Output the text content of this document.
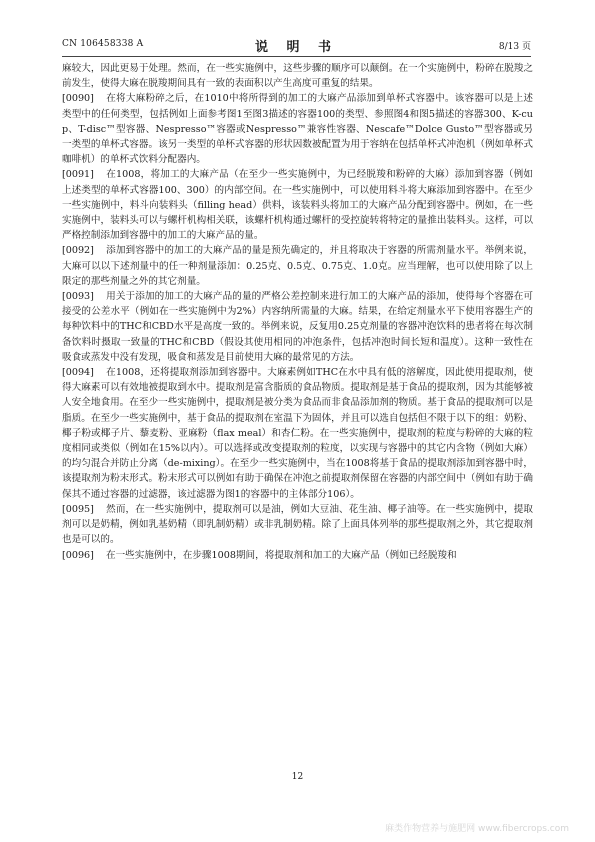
CN 106458338 A	说 明 书	8/13 页

麻较大，因此更易于处理。然而，在一些实施例中，这些步骤的顺序可以颠倒。在一个实施例中，粉碎在脱羧之前发生，使得大麻在脱羧期间具有一致的表面积以产生高度可重复的结果。

[0090] 在将大麻粉碎之后，在1010中将所得到的加工的大麻产品添加到单杯式容器中。该容器可以是上述类型中的任何类型，包括例如上面参考图1至图3描述的容器100的类型、参照图4和图5描述的容器300、K-cup、T-disc™型容器、Nespresso™容器或Nespresso™兼容性容器、Nescafe™Dolce Gusto™型容器或另一类型的单杯式容器。该另一类型的单杯式容器的形状因数被配置为用于容纳在包括单杯式冲泡机（例如单杯式咖啡机）的单杯式饮料分配器内。

[0091] 在1008，将加工的大麻产品（在至少一些实施例中，为已经脱羧和粉碎的大麻）添加到容器（例如上述类型的单杯式容器100、300）的内部空间。在一些实施例中，可以使用料斗将大麻添加到容器中。在至少一些实施例中，料斗向装料头（filling head）供料，该装料头将加工的大麻产品分配到容器中。例如，在一些实施例中，装料头可以与螺杆机构相关联，该螺杆机构通过螺杆的受控旋转将特定的量推出装料头。这样，可以严格控制添加到容器中的加工的大麻产品的量。

[0092] 添加到容器中的加工的大麻产品的量是预先确定的，并且将取决于容器的所需剂量水平。举例来说，大麻可以以下述剂量中的任一种剂量添加：0.25克、0.5克、0.75克、1.0克。应当理解，也可以使用除了以上限定的那些剂量之外的其它剂量。

[0093] 用关于添加的加工的大麻产品的量的严格公差控制来进行加工的大麻产品的添加，使得每个容器在可接受的公差水平（例如在一些实施例中为2%）内容纳所需量的大麻。结果，在给定剂量水平下使用容器生产的每种饮料中的THC和CBD水平是高度一致的。举例来说，反复用0.25克剂量的容器冲泡饮料的患者将在每次制备饮料时摄取一致量的THC和CBD（假设其使用相同的冲泡条件，包括冲泡时间长短和温度）。这种一致性在吸食或蒸发中没有发现，吸食和蒸发是目前使用大麻的最常见的方法。

[0094] 在1008，还将提取剂添加到容器中。大麻素例如THC在水中具有低的溶解度，因此使用提取剂，使得大麻素可以有效地被提取到水中。提取剂是富含脂质的食品物质。提取剂是基于食品的提取剂，因为其能够被人安全地食用。在至少一些实施例中，提取剂是被分类为食品而非食品添加剂的物质。基于食品的提取剂可以是脂质。在至少一些实施例中，基于食品的提取剂在室温下为固体，并且可以选自包括但不限于以下的组：奶粉、椰子粉或椰子片、藜麦粉、亚麻粉（flax meal）和杏仁粉。在一些实施例中，提取剂的粒度与粉碎的大麻的粒度相同或类似（例如在15%以内）。可以选择或改变提取剂的粒度，以实现与容器中的其它内含物（例如大麻）的均匀混合并防止分离（de-mixing）。在至少一些实施例中，当在1008将基于食品的提取剂添加到容器中时，该提取剂为粉末形式。粉末形式可以例如有助于确保在冲泡之前提取剂保留在容器的内部空间中（例如有助于确保其不通过容器的过滤器，该过滤器为图1的容器中的主体部分106）。

[0095] 然而，在一些实施例中，提取剂可以是油，例如大豆油、花生油、椰子油等。在一些实施例中，提取剂可以是奶精，例如乳基奶精（即乳制奶精）或非乳制奶精。除了上面具体列举的那些提取剂之外，其它提取剂也是可以的。

[0096] 在一些实施例中，在步骤1008期间，将提取剂和加工的大麻产品（例如已经脱羧和

12
麻类作物营养与施肥网 www.fibercrops.com
